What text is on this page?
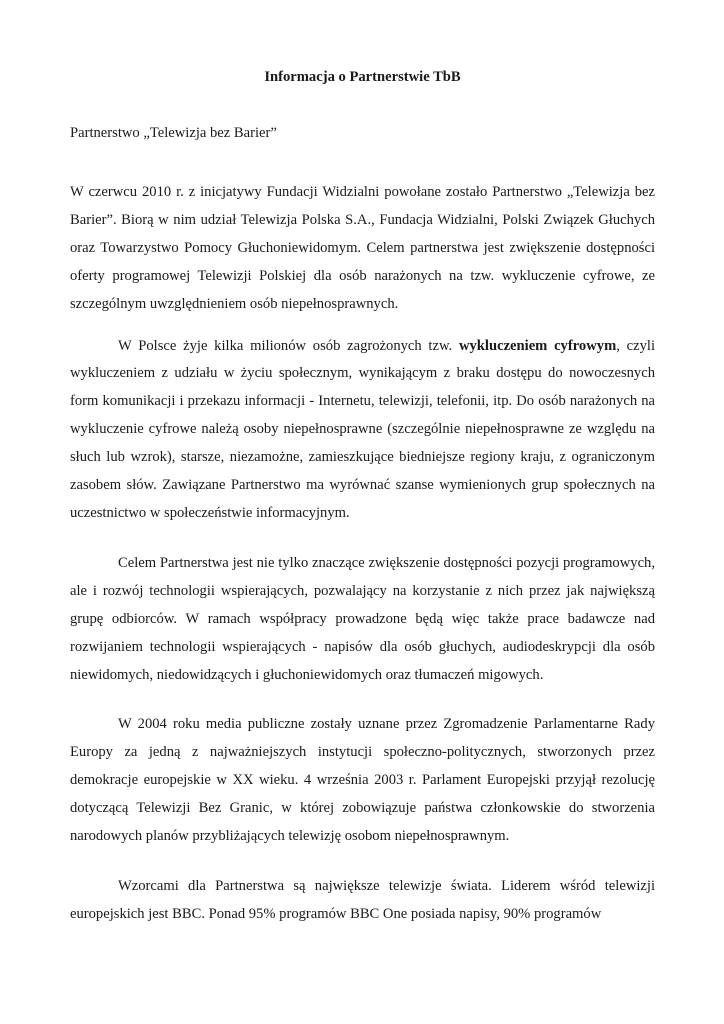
Informacja o Partnerstwie TbB
Partnerstwo „Telewizja bez Barier”

W czerwcu 2010 r. z inicjatywy Fundacji Widzialni powołane zostało Partnerstwo „Telewizja bez Barier”. Biorą w nim udział Telewizja Polska S.A., Fundacja Widzialni, Polski Związek Głuchych oraz Towarzystwo Pomocy Głuchoniewidomym. Celem partnerstwa jest zwiększenie dostępności oferty programowej Telewizji Polskiej dla osób narażonych na tzw. wykluczenie cyfrowe, ze szczególnym uwzględnieniem osób niepełnosprawnych.

W Polsce żyje kilka milionów osób zagrożonych tzw. wykluczeniem cyfrowym, czyli wykluczeniem z udziału w życiu społecznym, wynikającym z braku dostępu do nowoczesnych form komunikacji i przekazu informacji - Internetu, telewizji, telefonii, itp. Do osób narażonych na wykluczenie cyfrowe należą osoby niepełnosprawne (szczególnie niepełnosprawne ze względu na słuch lub wzrok), starsze, niezamożne, zamieszkujące biedniejsze regiony kraju, z ograniczonym zasobem słów. Zawiązane Partnerstwo ma wyrównać szanse wymienionych grup społecznych na uczestnictwo w społeczeństwie informacyjnym.

Celem Partnerstwa jest nie tylko znaczące zwiększenie dostępności pozycji programowych, ale i rozwój technologii wspierających, pozwalający na korzystanie z nich przez jak największą grupę odbiorców. W ramach współpracy prowadzone będą więc także prace badawcze nad rozwijaniem technologii wspierających - napisów dla osób głuchych, audiodeskrypcji dla osób niewidomych, niedowidzących i głuchoniewidomych oraz tłumaczeń migowych.

W 2004 roku media publiczne zostały uznane przez Zgromadzenie Parlamentarne Rady Europy za jedną z najważniejszych instytucji społeczno-politycznych, stworzonych przez demokracje europejskie w XX wieku. 4 września 2003 r. Parlament Europejski przyjął rezolucję dotyczącą Telewizji Bez Granic, w której zobowiązuje państwa członkowskie do stworzenia narodowych planów przybliżających telewizję osobom niepełnosprawnym.

Wzorcami dla Partnerstwa są największe telewizje świata. Liderem wśród telewizji europejskich jest BBC. Ponad 95% programów BBC One posiada napisy, 90% programów
